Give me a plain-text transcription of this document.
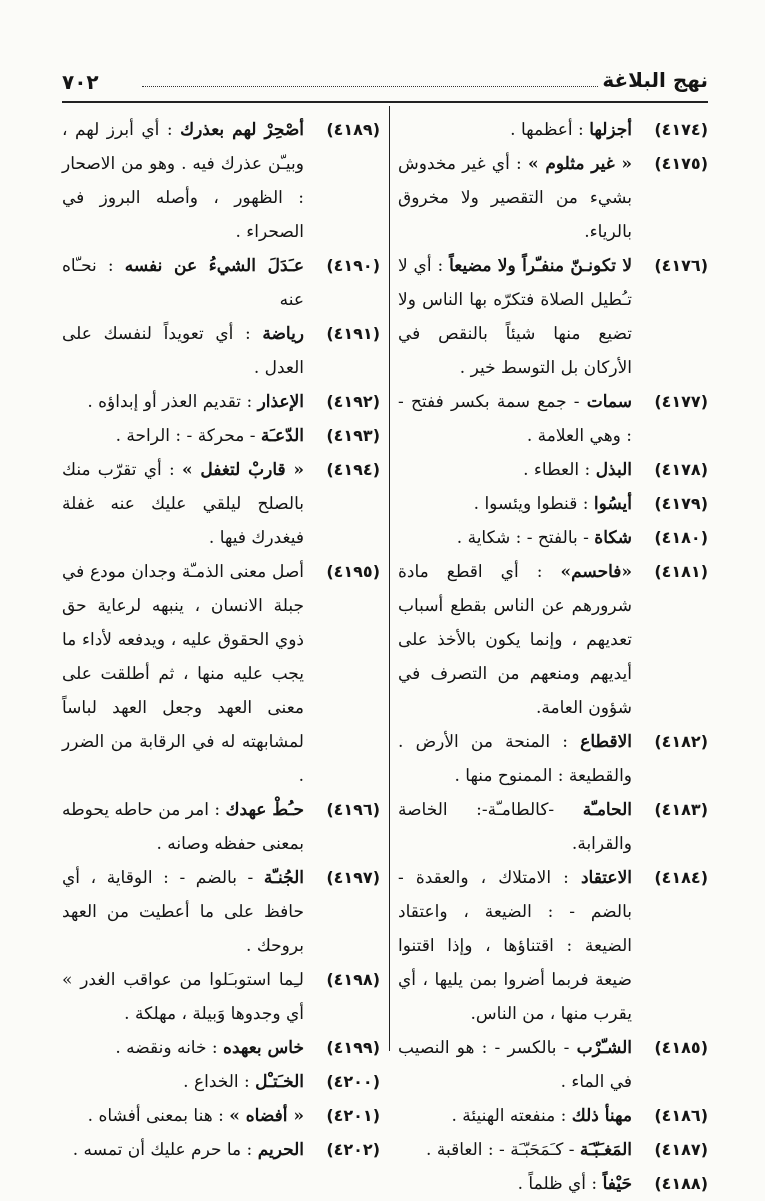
٧٠٢	نهج البلاغة
(٤١٧٤)
أجزلها : أعظمها .
(٤١٧٥)
« غير مثلوم » : أي غير مخدوش بشيء من التقصير ولا مخروق بالرياء.
(٤١٧٦)
لا تكونـنّ منفـّراً ولا مضيعاً : أي لا تـُطيل الصلاة فتكرّه بها الناس ولا تضيع منها شيئاً بالنقص في الأركان بل التوسط خير .
(٤١٧٧)
سمات - جمع سمة بكسر ففتح - : وهي العلامة .
(٤١٧٨)
البذل : العطاء .
(٤١٧٩)
أيسُوا : قنطوا ويئسوا .
(٤١٨٠)
شكاة - بالفتح - : شكاية .
(٤١٨١)
«فاحسم» : أي اقطع مادة شرورهم عن الناس بقطع أسباب تعديهم ، وإنما يكون بالأخذ على أيديهم ومنعهم من التصرف في شؤون العامة.
(٤١٨٢)
الاقطاع : المنحة من الأرض . والقطيعة : الممنوح منها .
(٤١٨٣)
الحامـّة -كالطامـّة-: الخاصة والقرابة.
(٤١٨٤)
الاعتقاد : الامتلاك ، والعقدة - بالضم - : الضيعة ، واعتقاد الضيعة : اقتناؤها ، وإذا اقتنوا ضيعة فربما أضروا بمن يليها ، أي يقرب منها ، من الناس.
(٤١٨٥)
الشـّرْب - بالكسر - : هو النصيب في الماء .
(٤١٨٦)
مهنأ ذلك : منفعته الهنيئة .
(٤١٨٧)
المَغـَبّـَة - كـَمَحَبّـَة - : العاقبة .
(٤١٨٨)
حَيْفاً : أي ظلماً .
(٤١٨٩)
أصْحِرْ لهم بعذرك : أي أبرز لهم ، وبيـّن عذرك فيه . وهو من الاصحار : الظهور ، وأصله البروز في الصحراء .
(٤١٩٠)
عـَدَلَ الشيءُ عن نفسه : نحـّاه عنه
(٤١٩١)
رياضة : أي تعويداً لنفسك على العدل .
(٤١٩٢)
الإعذار : تقديم العذر أو إبداؤه .
(٤١٩٣)
الدّعـَة - محركة - : الراحة .
(٤١٩٤)
« قاربْ لتغفل » : أي تقرّب منك بالصلح ليلقي عليك عنه غفلة فيغدرك فيها .
(٤١٩٥)
أصل معنى الذمـّة وجدان مودع في جبلة الانسان ، ينبهه لرعاية حق ذوي الحقوق عليه ، ويدفعه لأداء ما يجب عليه منها ، ثم أطلقت على معنى العهد وجعل العهد لباساً لمشابهته له في الرقابة من الضرر .
(٤١٩٦)
حـُطْ عهدك : امر من حاطه يحوطه بمعنى حفظه وصانه .
(٤١٩٧)
الجُنـّة - بالضم - : الوقاية ، أي حافظ على ما أعطيت من العهد بروحك .
(٤١٩٨)
لـِما استوبـَلوا من عواقب الغدر » أي وجدوها وَبيلة ، مهلكة .
(٤١٩٩)
خاس بعهده : خانه ونقضه .
(٤٢٠٠)
الخـَتـْل : الخداع .
(٤٢٠١)
« أفضاه » : هنا بمعنى أفشاه .
(٤٢٠٢)
الحريم : ما حرم عليك أن تمسه .
